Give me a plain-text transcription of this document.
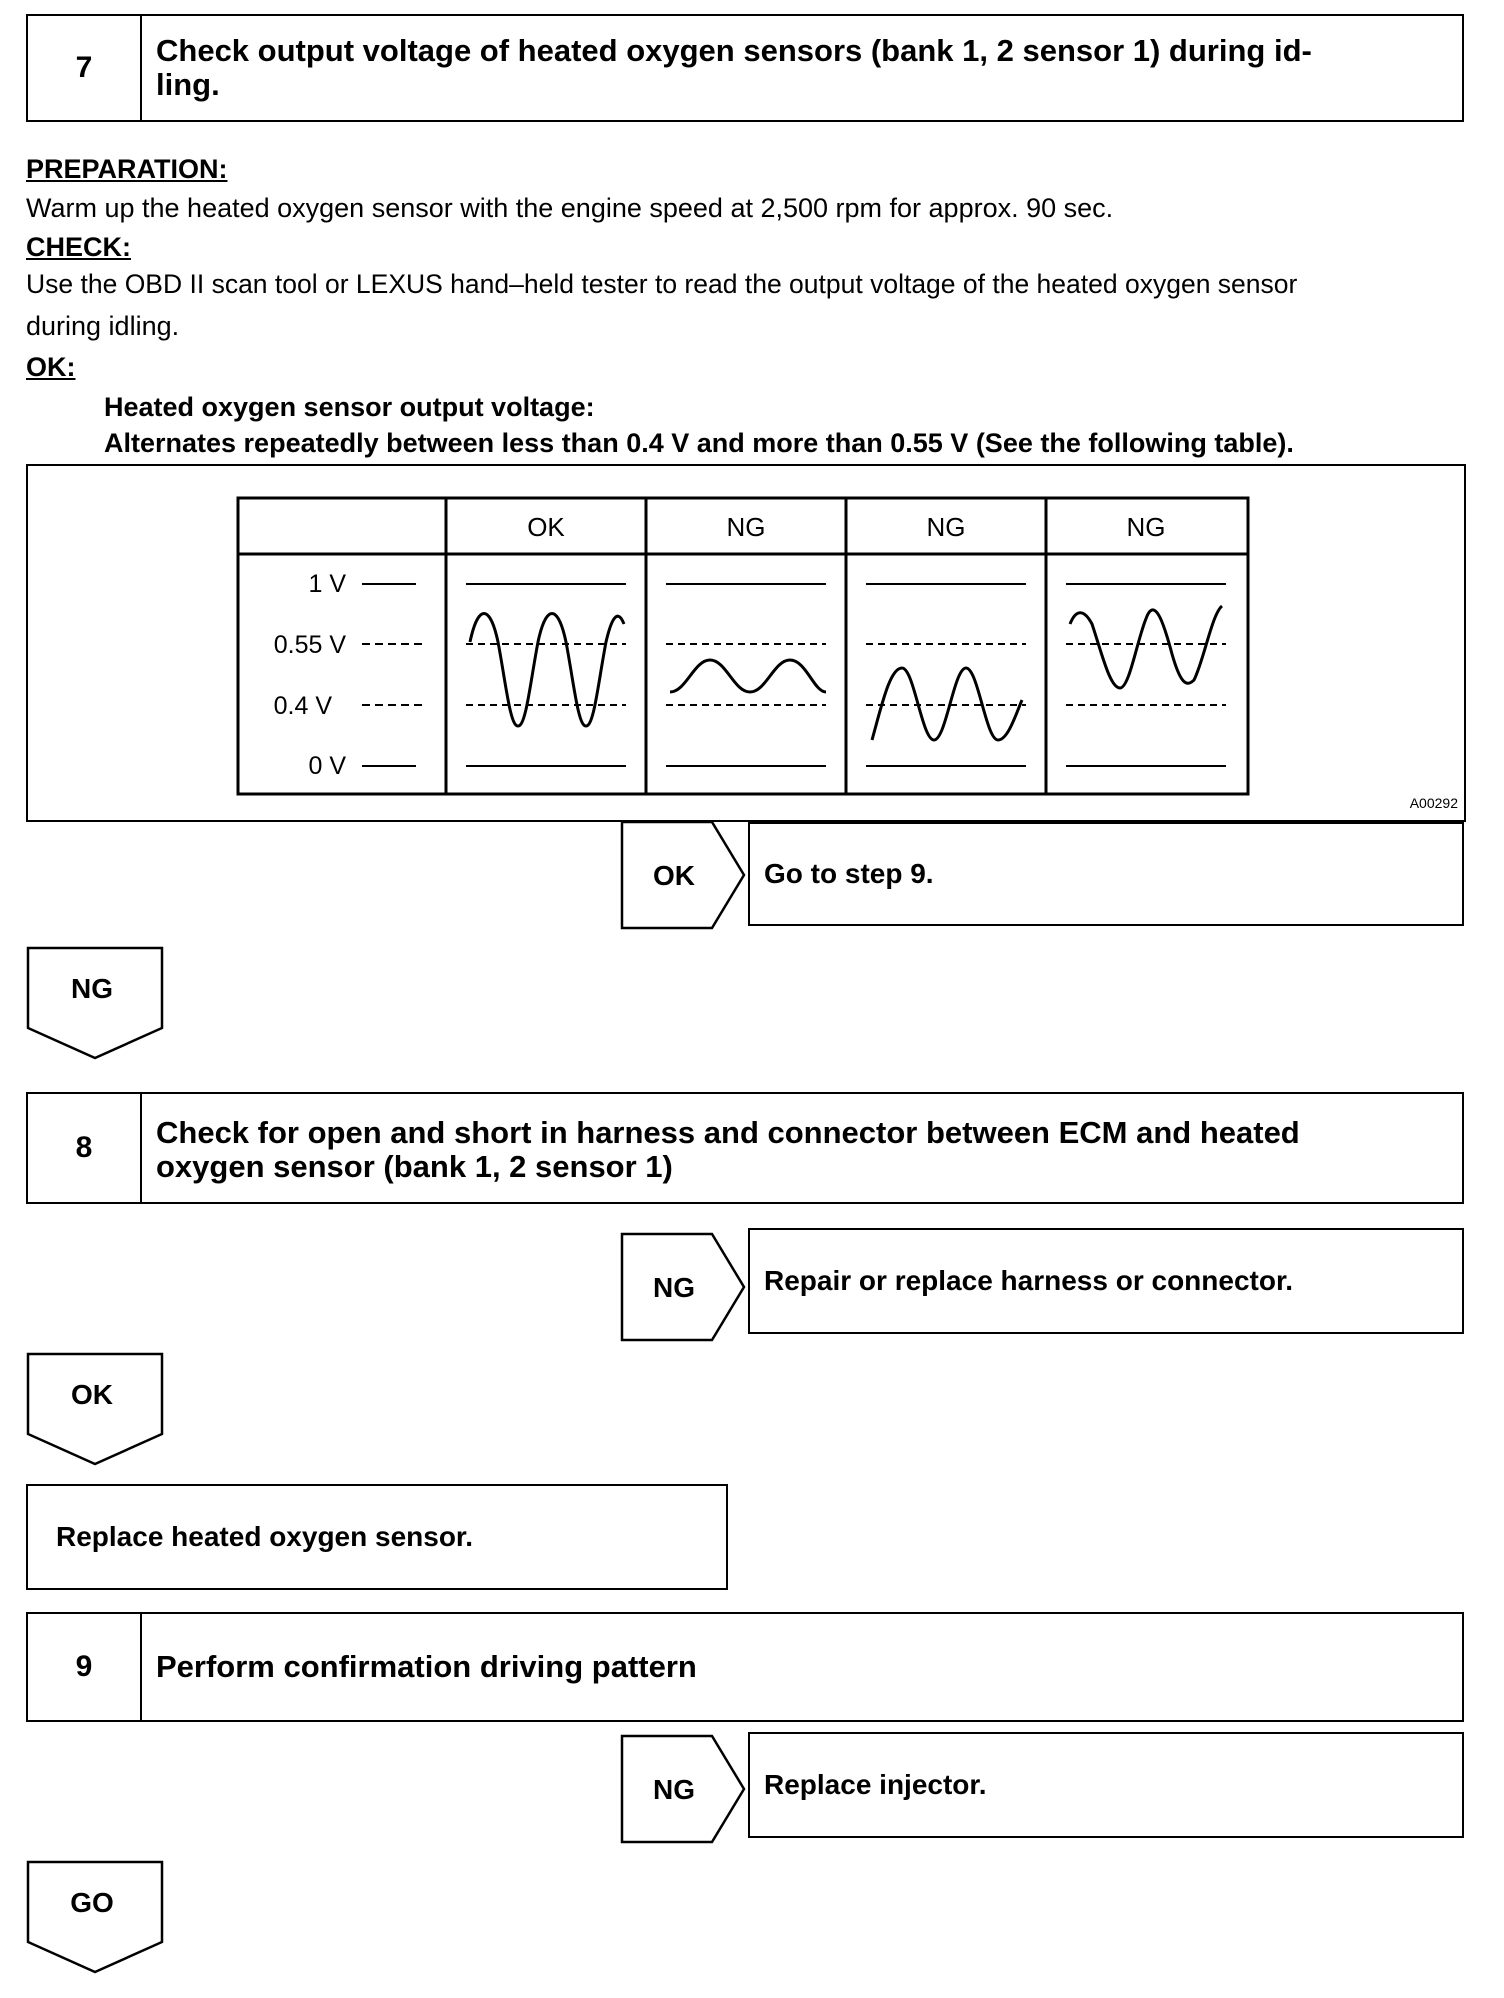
7	Check output voltage of heated oxygen sensors (bank 1, 2 sensor 1) during id-
ling.
PREPARATION:
Warm up the heated oxygen sensor with the engine speed at 2,500 rpm for approx. 90 sec.
CHECK:
Use the OBD II scan tool or LEXUS hand–held tester to read the output voltage of the heated oxygen sensor
during idling.
OK:
Heated oxygen sensor output voltage:
Alternates repeatedly between less than 0.4 V and more than 0.55 V (See the following table).
OK	NG	NG	NG
1 V
0.55 V
0.4 V
0 V
A00292
OK Go to step 9.
NG
8	Check for open and short in harness and connector between ECM and heated
oxygen sensor (bank 1, 2 sensor 1)
NG Repair or replace harness or connector.
OK
Replace heated oxygen sensor.
9	Perform confirmation driving pattern
NG Replace injector.
GO
